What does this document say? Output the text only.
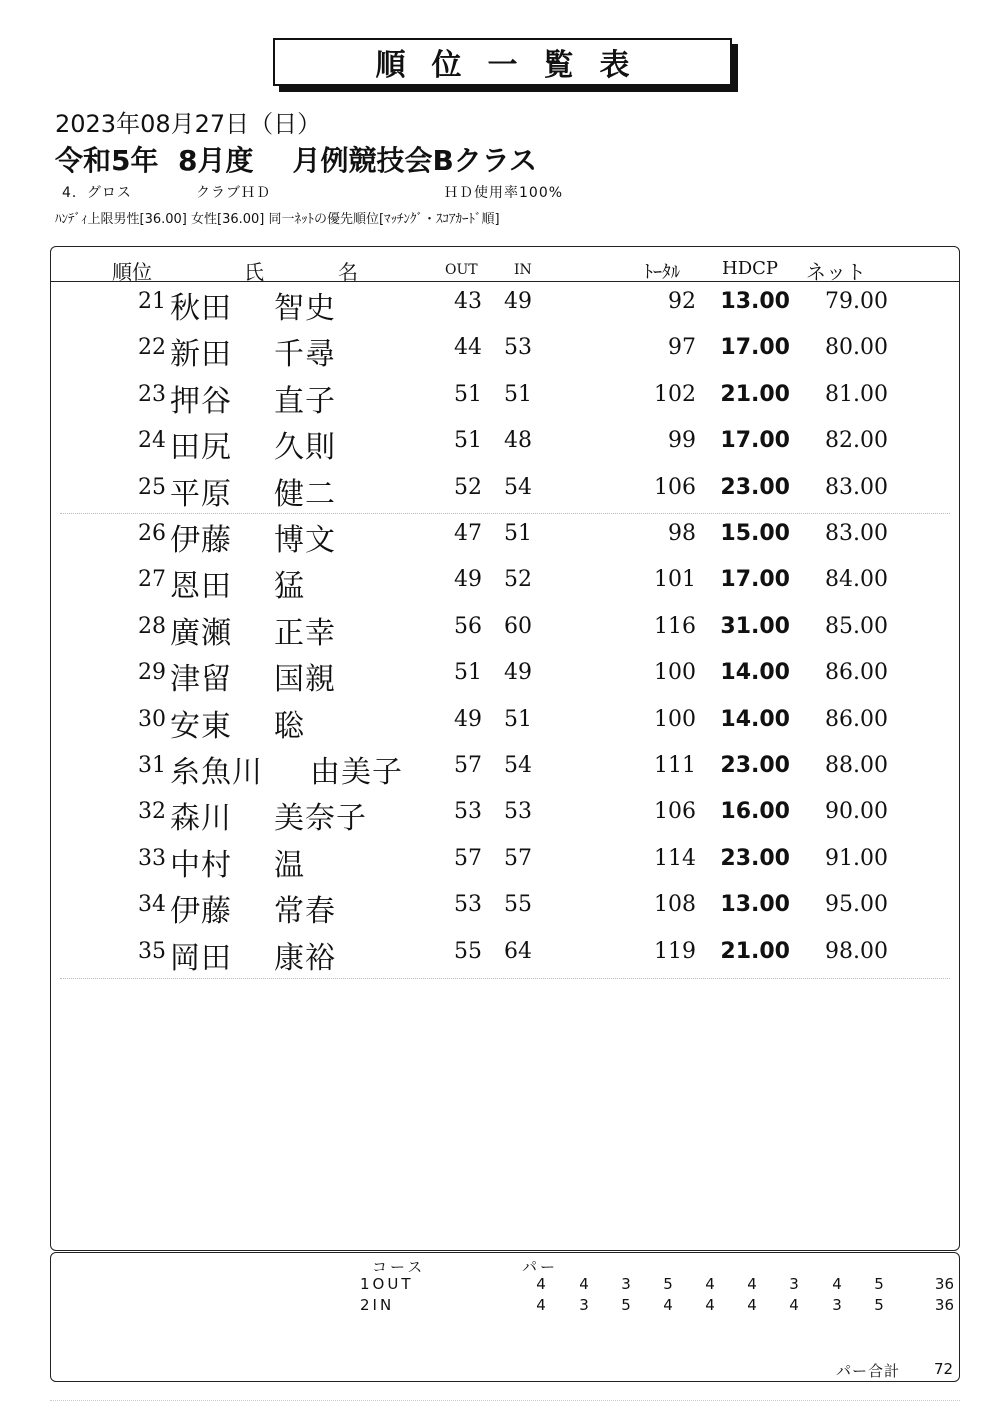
順位一覧表
2023年08月27日（日）
令和5年  8月度    月例競技会Bクラス
4．グロス	クラブＨＤ	ＨＤ使用率100%
ﾊﾝﾃﾞｨ上限男性[36.00] 女性[36.00] 同一ﾈｯﾄの優先順位[ﾏｯﾁﾝｸﾞ・ｽｺｱｶｰﾄﾞ順]
順位	氏	名	OUT	IN	ﾄｰﾀﾙ HDCP ネット
21 秋田 智史	43	49	92	13.00	79.00
22 新田 千尋	44	53	97	17.00	80.00
23 押谷 直子	51	51	102	21.00	81.00
24 田尻 久則	51	48	99	17.00	82.00
25 平原 健二	52	54	106	23.00	83.00
26 伊藤 博文	47	51	98	15.00	83.00
27 恩田 猛	49	52	101	17.00	84.00
28 廣瀬 正幸	56	60	116	31.00	85.00
29 津留 国親	51	49	100	14.00	86.00
30 安東 聡	49	51	100	14.00	86.00
31 糸魚川 由美子	57	54	111	23.00	88.00
32 森川 美奈子	53	53	106	16.00	90.00
33 中村 温	57	57	114	23.00	91.00
34 伊藤 常春	53	55	108	13.00	95.00
35 岡田 康裕	55	64	119	21.00	98.00
コース	パー
1OUT	4	4	3	5	4	4	3	4	5	36
2IN	4	3	5	4	4	4	4	3	5	36
パー合計 72
